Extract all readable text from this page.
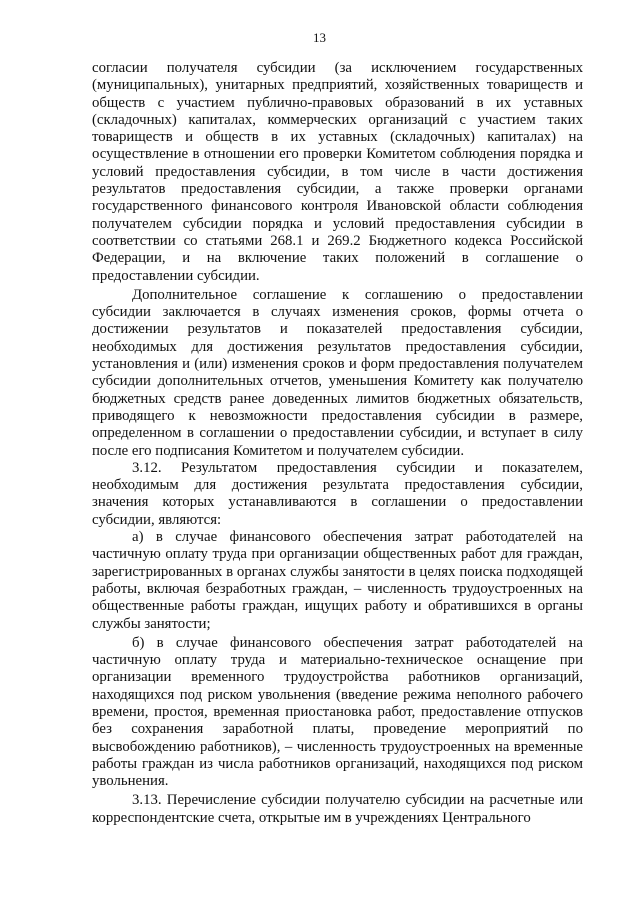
13

согласии получателя субсидии (за исключением государственных (муниципальных), унитарных предприятий, хозяйственных товариществ и обществ с участием публично-правовых образований в их уставных (складочных) капиталах, коммерческих организаций с участием таких товариществ и обществ в их уставных (складочных) капиталах) на осуществление в отношении его проверки Комитетом соблюдения порядка и условий предоставления субсидии, в том числе в части достижения результатов предоставления субсидии, а также проверки органами государственного финансового контроля Ивановской области соблюдения получателем субсидии порядка и условий предоставления субсидии в соответствии со статьями 268.1 и 269.2 Бюджетного кодекса Российской Федерации, и на включение таких положений в соглашение о предоставлении субсидии.

Дополнительное соглашение к соглашению о предоставлении субсидии заключается в случаях изменения сроков, формы отчета о достижении результатов и показателей предоставления субсидии, необходимых для достижения результатов предоставления субсидии, установления и (или) изменения сроков и форм предоставления получателем субсидии дополнительных отчетов, уменьшения Комитету как получателю бюджетных средств ранее доведенных лимитов бюджетных обязательств, приводящего к невозможности предоставления субсидии в размере, определенном в соглашении о предоставлении субсидии, и вступает в силу после его подписания Комитетом и получателем субсидии.

3.12. Результатом предоставления субсидии и показателем, необходимым для достижения результата предоставления субсидии, значения которых устанавливаются в соглашении о предоставлении субсидии, являются:

а) в случае финансового обеспечения затрат работодателей на частичную оплату труда при организации общественных работ для граждан, зарегистрированных в органах службы занятости в целях поиска подходящей работы, включая безработных граждан, – численность трудоустроенных на общественные работы граждан, ищущих работу и обратившихся в органы службы занятости;

б) в случае финансового обеспечения затрат работодателей на частичную оплату труда и материально-техническое оснащение при организации временного трудоустройства работников организаций, находящихся под риском увольнения (введение режима неполного рабочего времени, простоя, временная приостановка работ, предоставление отпусков без сохранения заработной платы, проведение мероприятий по высвобождению работников), – численность трудоустроенных на временные работы граждан из числа работников организаций, находящихся под риском увольнения.

3.13. Перечисление субсидии получателю субсидии на расчетные или корреспондентские счета, открытые им в учреждениях Центрального
